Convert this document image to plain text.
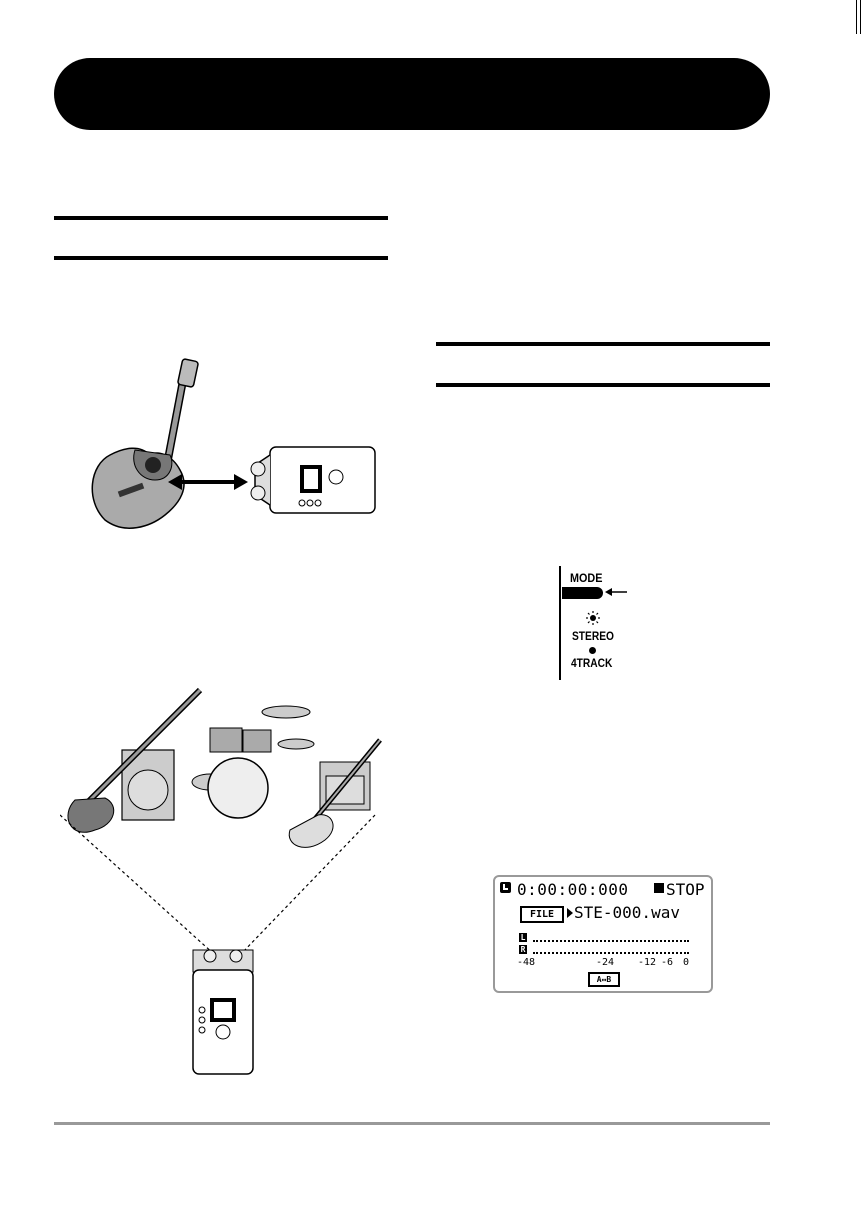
MODE
STEREO
4TRACK
0:00:00:000 STOP
FILE	STE-000.wav
L
R
-48	-24 -12 -6 0
A↔B
